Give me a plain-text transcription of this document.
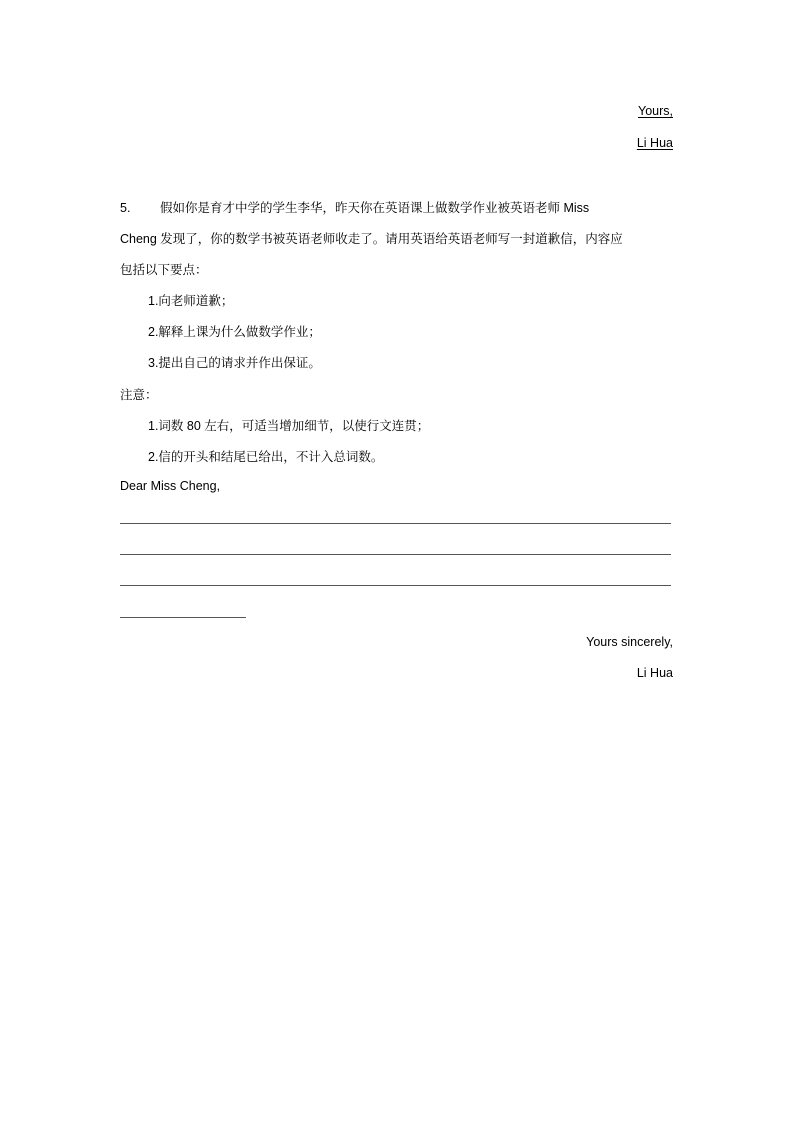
Yours,
Li Hua
5. 假如你是育才中学的学生李华，昨天你在英语课上做数学作业被英语老师 Miss
Cheng 发现了，你的数学书被英语老师收走了。请用英语给英语老师写一封道歉信，内容应
包括以下要点：
1.向老师道歉；
2.解释上课为什么做数学作业；
3.提出自己的请求并作出保证。
注意：
1.词数 80 左右，可适当增加细节，以使行文连贯；
2.信的开头和结尾已给出，不计入总词数。
Dear Miss Cheng,
Yours sincerely,
Li Hua
